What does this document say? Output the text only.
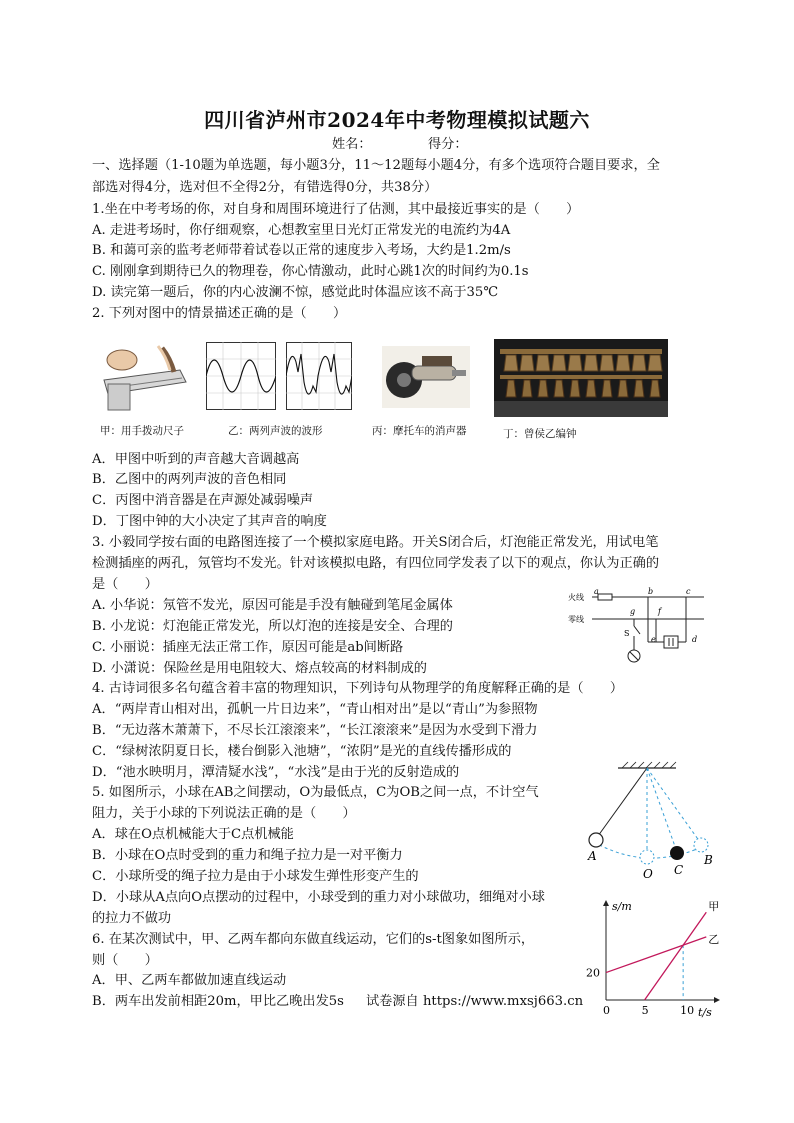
四川省泸州市2024年中考物理模拟试题六
姓名：	得分：
一、选择题（1-10题为单选题，每小题3分，11～12题每小题4分，有多个选项符合题目要求，全
部选对得4分，选对但不全得2分，有错选得0分，共38分）
1.坐在中考考场的你，对自身和周围环境进行了估测，其中最接近事实的是（　　）
A. 走进考场时，你仔细观察，心想教室里日光灯正常发光的电流约为4A
B. 和蔼可亲的监考老师带着试卷以正常的速度步入考场，大约是1.2m/s
C. 刚刚拿到期待已久的物理卷，你心情激动，此时心跳1次的时间约为0.1s
D. 读完第一题后，你的内心波澜不惊，感觉此时体温应该不高于35℃
2. 下列对图中的情景描述正确的是（　　）
甲：用手拨动尺子	乙：两列声波的波形	丙：摩托车的消声器	丁：曾侯乙编钟
A．甲图中听到的声音越大音调越高
B．乙图中的两列声波的音色相同
C．丙图中消音器是在声源处减弱噪声
D．丁图中钟的大小决定了其声音的响度
3. 小毅同学按右面的电路图连接了一个模拟家庭电路。开关S闭合后，灯泡能正常发光，用试电笔
检测插座的两孔，氖管均不发光。针对该模拟电路，有四位同学发表了以下的观点，你认为正确的
是（　　）
A. 小华说：氖管不发光，原因可能是手没有触碰到笔尾金属体
B. 小龙说：灯泡能正常发光，所以灯泡的连接是安全、合理的
C. 小丽说：插座无法正常工作，原因可能是ab间断路
D. 小潇说：保险丝是用电阻较大、熔点较高的材料制成的
火线
零线
a	b	c
d
e
f
g
S
4. 古诗词很多名句蕴含着丰富的物理知识，下列诗句从物理学的角度解释正确的是（　　）
A．“两岸青山相对出，孤帆一片日边来”，“青山相对出”是以“青山”为参照物
B．“无边落木萧萧下，不尽长江滚滚来”，“长江滚滚来”是因为水受到下滑力
C．“绿树浓阴夏日长，楼台倒影入池塘”，“浓阴”是光的直线传播形成的
D．“池水映明月，潭清疑水浅”，“水浅”是由于光的反射造成的
5. 如图所示，小球在AB之间摆动，O为最低点，C为OB之间一点，不计空气
阻力，关于小球的下列说法正确的是（　　）
A．球在O点机械能大于C点机械能
B．小球在O点时受到的重力和绳子拉力是一对平衡力
C．小球所受的绳子拉力是由于小球发生弹性形变产生的
D．小球从A点向O点摆动的过程中，小球受到的重力对小球做功，细绳对小球
的拉力不做功
A
O C
B
6. 在某次测试中，甲、乙两车都向东做直线运动，它们的s-t图象如图所示，
则（　　）
A．甲、乙两车都做加速直线运动
B．两车出发前相距20m，甲比乙晚出发5s 试卷源自 https://www.mxsj663.cn
s/m
t/s
甲
乙
0	5	10
20
